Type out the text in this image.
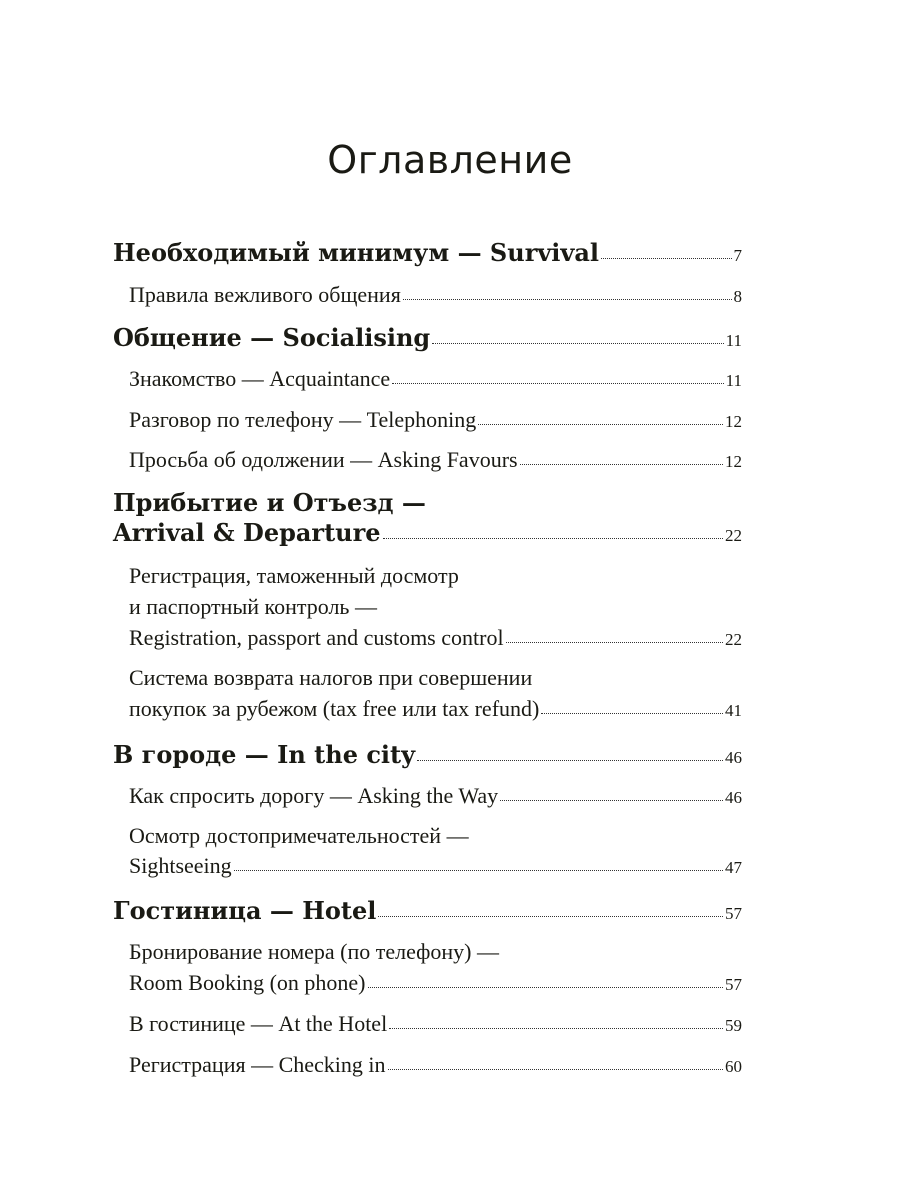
Оглавление
Необходимый минимум — Survival	7
Правила вежливого общения	8
Общение — Socialising	11
Знакомство — Acquaintance	11
Разговор по телефону — Telephoning	12
Просьба об одолжении — Asking Favours	12
Прибытие и Отъезд —
Arrival & Departure	22
Регистрация, таможенный досмотр
и паспортный контроль —
Registration, passport and customs control	22
Система возврата налогов при совершении
покупок за рубежом (tax free или tax refund)	41
В городе — In the city	46
Как спросить дорогу — Asking the Way	46
Осмотр достопримечательностей —
Sightseeing	47
Гостиница — Hotel	57
Бронирование номера (по телефону) —
Room Booking (on phone)	57
В гостинице — At the Hotel	59
Регистрация — Checking in	60
